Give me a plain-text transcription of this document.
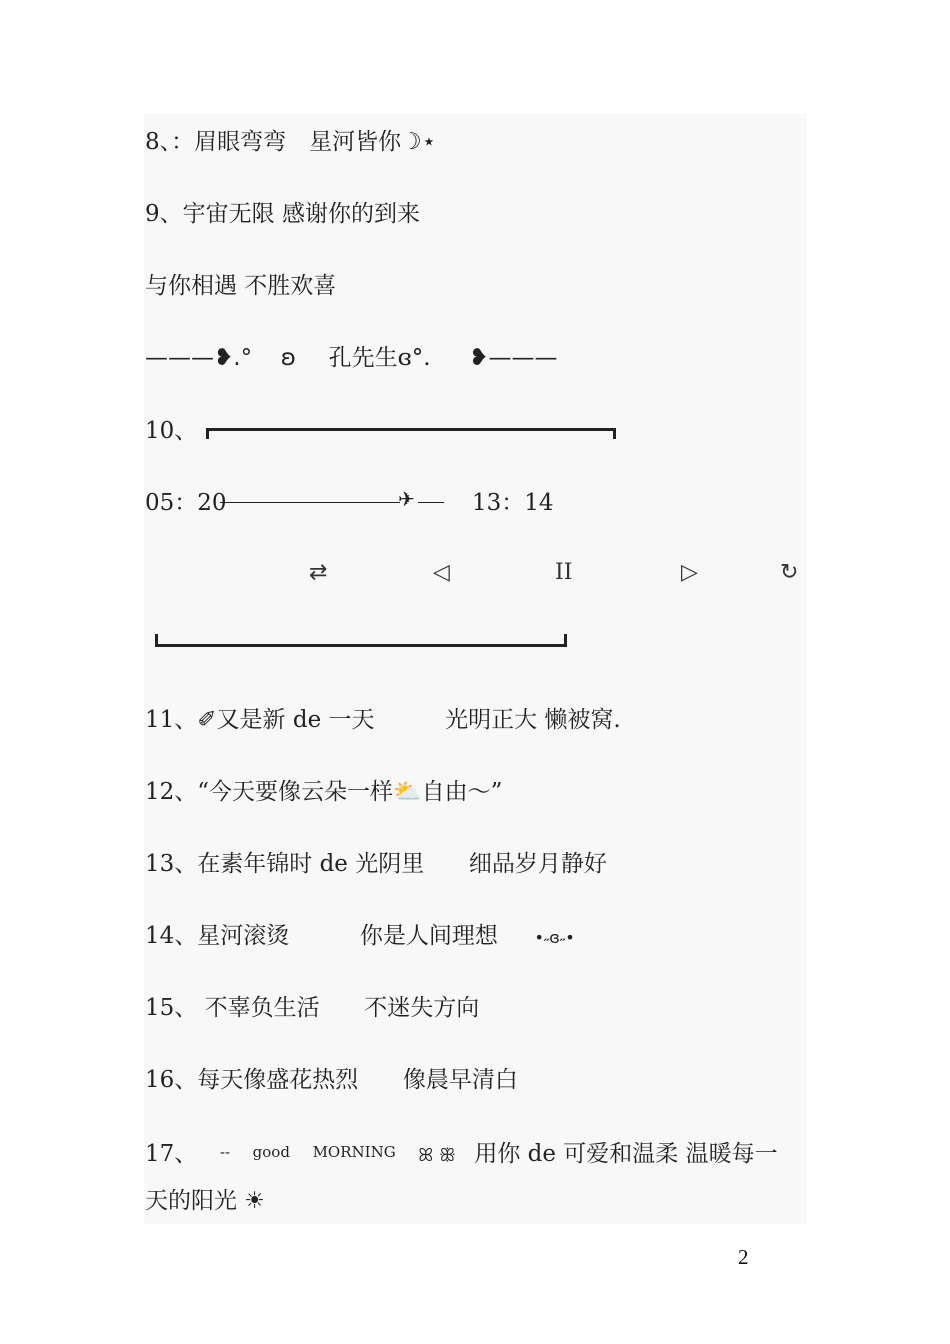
8、：眉眼弯弯　星河皆你☽⋆
9、宇宙无限 感谢你的到来
与你相遇 不胜欢喜
———❥.° ʚ 孔先生ɞ°. ❥———
10、
05：20	✈ 13：14
⇄	◁	II	▷	↻
11、✐又是新 de 一天	光明正大 懒被窝.
12、“今天要像云朵一样⛅自由～”
13、在素年锦时 de 光阴里 细品岁月静好
14、星河滚烫	你是人间理想 •˶ɞ˶•
15、 不辜负生活 不迷失方向
16、每天像盛花热烈 像晨早清白
17、 -- good MORNING ꕤ ꕥ 用你 de 可爱和温柔 温暖每一
天的阳光 ☀
2
